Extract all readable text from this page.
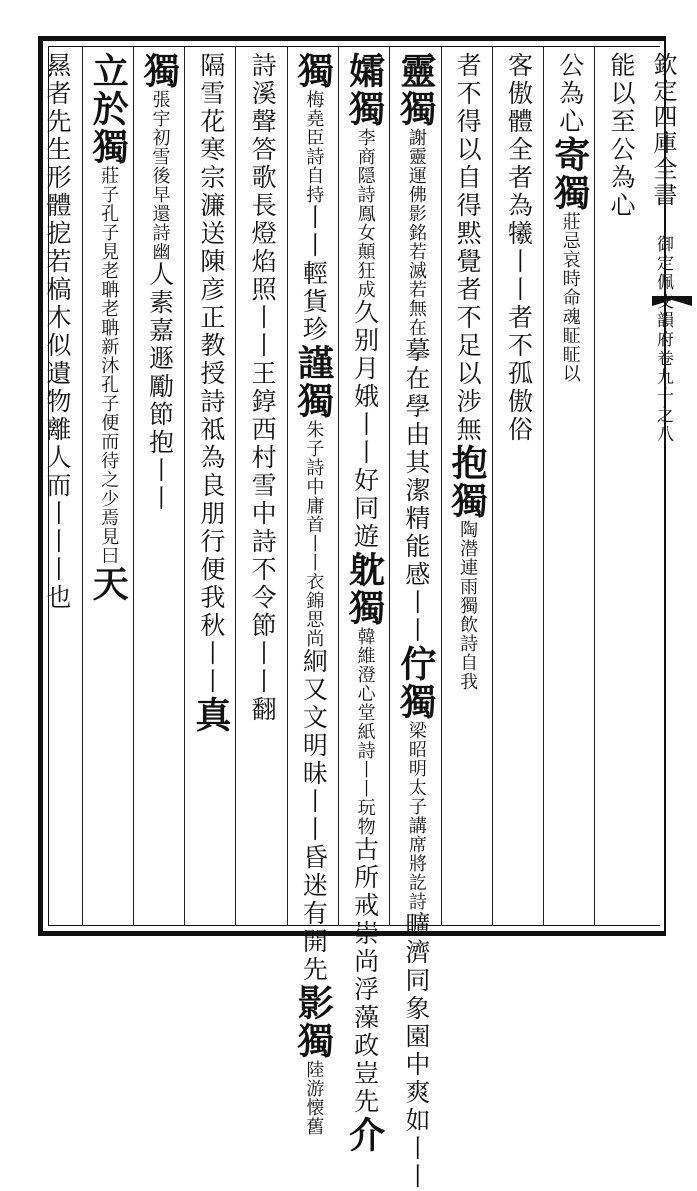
欽定四庫全書 御定佩文韻府卷九十之八
能以至公為心
公為心寄獨莊忌哀時命魂眐眐以
客傲體全者為犧丨丨者不孤傲俗
者不得以自得黙覺者不足以涉無抱獨陶潜連雨獨飲詩自我
靈獨謝靈運佛影銘若滅若無在摹在學由其潔精能感丨丨佇獨梁昭明太子講席將訖詩曠濟同象園中爽如丨丨
孀獨李商隠詩鳯女顛狂成久别月娥丨丨好同遊躭獨韓維澄心堂紙詩丨丨玩物古所戒崇尚浮藻政豈先介
獨梅堯臣詩自持丨丨輕貨珍謹獨朱子詩中庸首丨丨衣錦思尚絅又文明昧丨丨昏迷有開先影獨陸游懐舊
詩溪聲答歌長燈焰照丨丨王錞西村雪中詩不令節丨丨翻
隔雪花寒宗濂送陳彦正教授詩祗為良朋行便我秋丨丨真
獨張宇初雪後早還詩幽人素嘉遯勵節抱丨丨
立於獨莊子孔子見老聃老聃新沐孔子便而待之少焉見曰天
㬎者先生形體㧖若槁木似遺物離人而丨丨丨也
